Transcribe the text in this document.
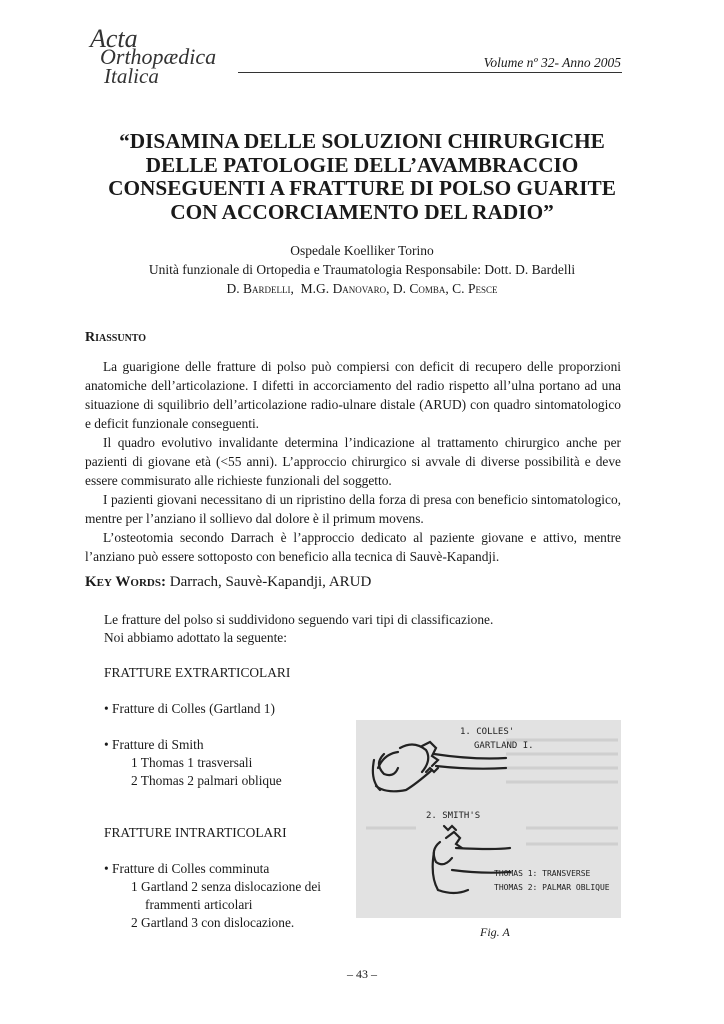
Acta
Orthopædica
Italica
Volume nº 32- Anno 2005
“DISAMINA DELLE SOLUZIONI CHIRURGICHE
DELLE PATOLOGIE DELL’AVAMBRACCIO
CONSEGUENTI A FRATTURE DI POLSO GUARITE
CON ACCORCIAMENTO DEL RADIO”
Ospedale Koelliker Torino
Unità funzionale di Ortopedia e Traumatologia Responsabile: Dott. D. Bardelli
D. Bardelli,  M.G. Danovaro, D. Comba, C. Pesce
Riassunto

La guarigione delle fratture di polso può compiersi con deficit di recupero delle proporzioni anatomiche dell’articolazione. I difetti in accorciamento del radio rispetto all’ulna portano ad una situazione di squilibrio dell’articolazione radio-ulnare distale (ARUD) con quadro sintomatologico e deficit funzionale conseguenti.

Il quadro evolutivo invalidante determina l’indicazione al trattamento chirurgico anche per pazienti di giovane età (<55 anni). L’approccio chirurgico si avvale di diverse possibilità e deve essere commisurato alle richieste funzionali del soggetto.

I pazienti giovani necessitano di un ripristino della forza di presa con beneficio sintomatologico, mentre per l’anziano il sollievo dal dolore è il primum movens.

L’osteotomia secondo Darrach è l’approccio dedicato al paziente giovane e attivo, mentre l’anziano può essere sottoposto con beneficio alla tecnica di Sauvè-Kapandji.

Key Words: Darrach, Sauvè-Kapandji, ARUD
Le fratture del polso si suddividono seguendo vari tipi di classificazione.
Noi abbiamo adottato la seguente:
FRATTURE EXTRARTICOLARI
• Fratture di Colles (Gartland 1)
• Fratture di Smith
1 Thomas 1 trasversali
2 Thomas 2 palmari oblique
FRATTURE INTRARTICOLARI
• Fratture di Colles comminuta
1 Gartland 2 senza dislocazione dei
frammenti articolari
2 Gartland 3 con dislocazione.
1. COLLES'
GARTLAND I.
2. SMITH'S
THOMAS 1: TRANSVERSE
THOMAS 2: PALMAR OBLIQUE
Fig. A
– 43 –
